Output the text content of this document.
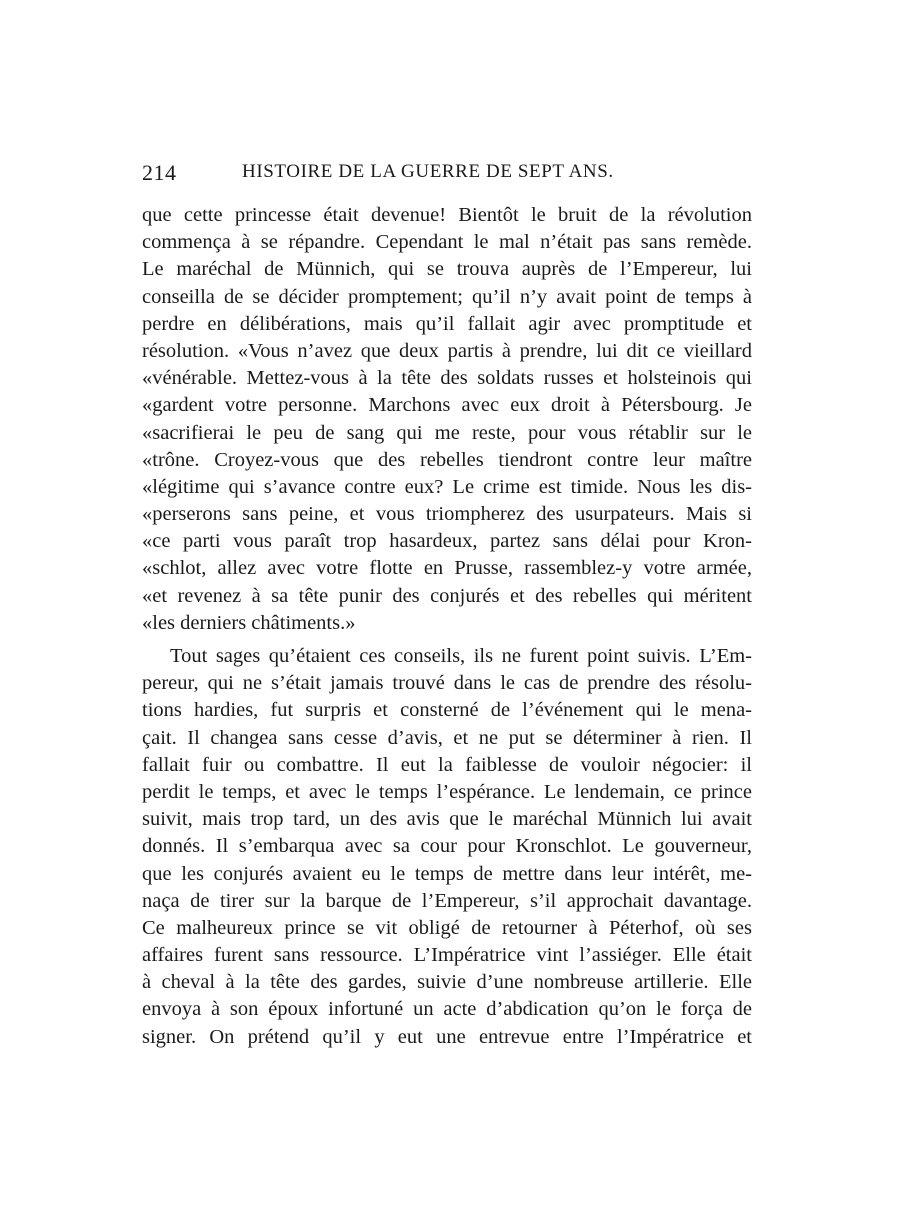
214	HISTOIRE DE LA GUERRE DE SEPT ANS.
que cette princesse était devenue! Bientôt le bruit de la révolution
commença à se répandre. Cependant le mal n’était pas sans remède.
Le maréchal de Münnich, qui se trouva auprès de l’Empereur, lui
conseilla de se décider promptement; qu’il n’y avait point de temps à
perdre en délibérations, mais qu’il fallait agir avec promptitude et
résolution. «Vous n’avez que deux partis à prendre, lui dit ce vieillard
«vénérable. Mettez-vous à la tête des soldats russes et holsteinois qui
«gardent votre personne. Marchons avec eux droit à Pétersbourg. Je
«sacrifierai le peu de sang qui me reste, pour vous rétablir sur le
«trône. Croyez-vous que des rebelles tiendront contre leur maître
«légitime qui s’avance contre eux? Le crime est timide. Nous les dis-
«perserons sans peine, et vous triompherez des usurpateurs. Mais si
«ce parti vous paraît trop hasardeux, partez sans délai pour Kron-
«schlot, allez avec votre flotte en Prusse, rassemblez-y votre armée,
«et revenez à sa tête punir des conjurés et des rebelles qui méritent
«les derniers châtiments.»
Tout sages qu’étaient ces conseils, ils ne furent point suivis. L’Em-
pereur, qui ne s’était jamais trouvé dans le cas de prendre des résolu-
tions hardies, fut surpris et consterné de l’événement qui le mena-
çait. Il changea sans cesse d’avis, et ne put se déterminer à rien. Il
fallait fuir ou combattre. Il eut la faiblesse de vouloir négocier: il
perdit le temps, et avec le temps l’espérance. Le lendemain, ce prince
suivit, mais trop tard, un des avis que le maréchal Münnich lui avait
donnés. Il s’embarqua avec sa cour pour Kronschlot. Le gouverneur,
que les conjurés avaient eu le temps de mettre dans leur intérêt, me-
naça de tirer sur la barque de l’Empereur, s’il approchait davantage.
Ce malheureux prince se vit obligé de retourner à Péterhof, où ses
affaires furent sans ressource. L’Impératrice vint l’assiéger. Elle était
à cheval à la tête des gardes, suivie d’une nombreuse artillerie. Elle
envoya à son époux infortuné un acte d’abdication qu’on le força de
signer. On prétend qu’il y eut une entrevue entre l’Impératrice et
